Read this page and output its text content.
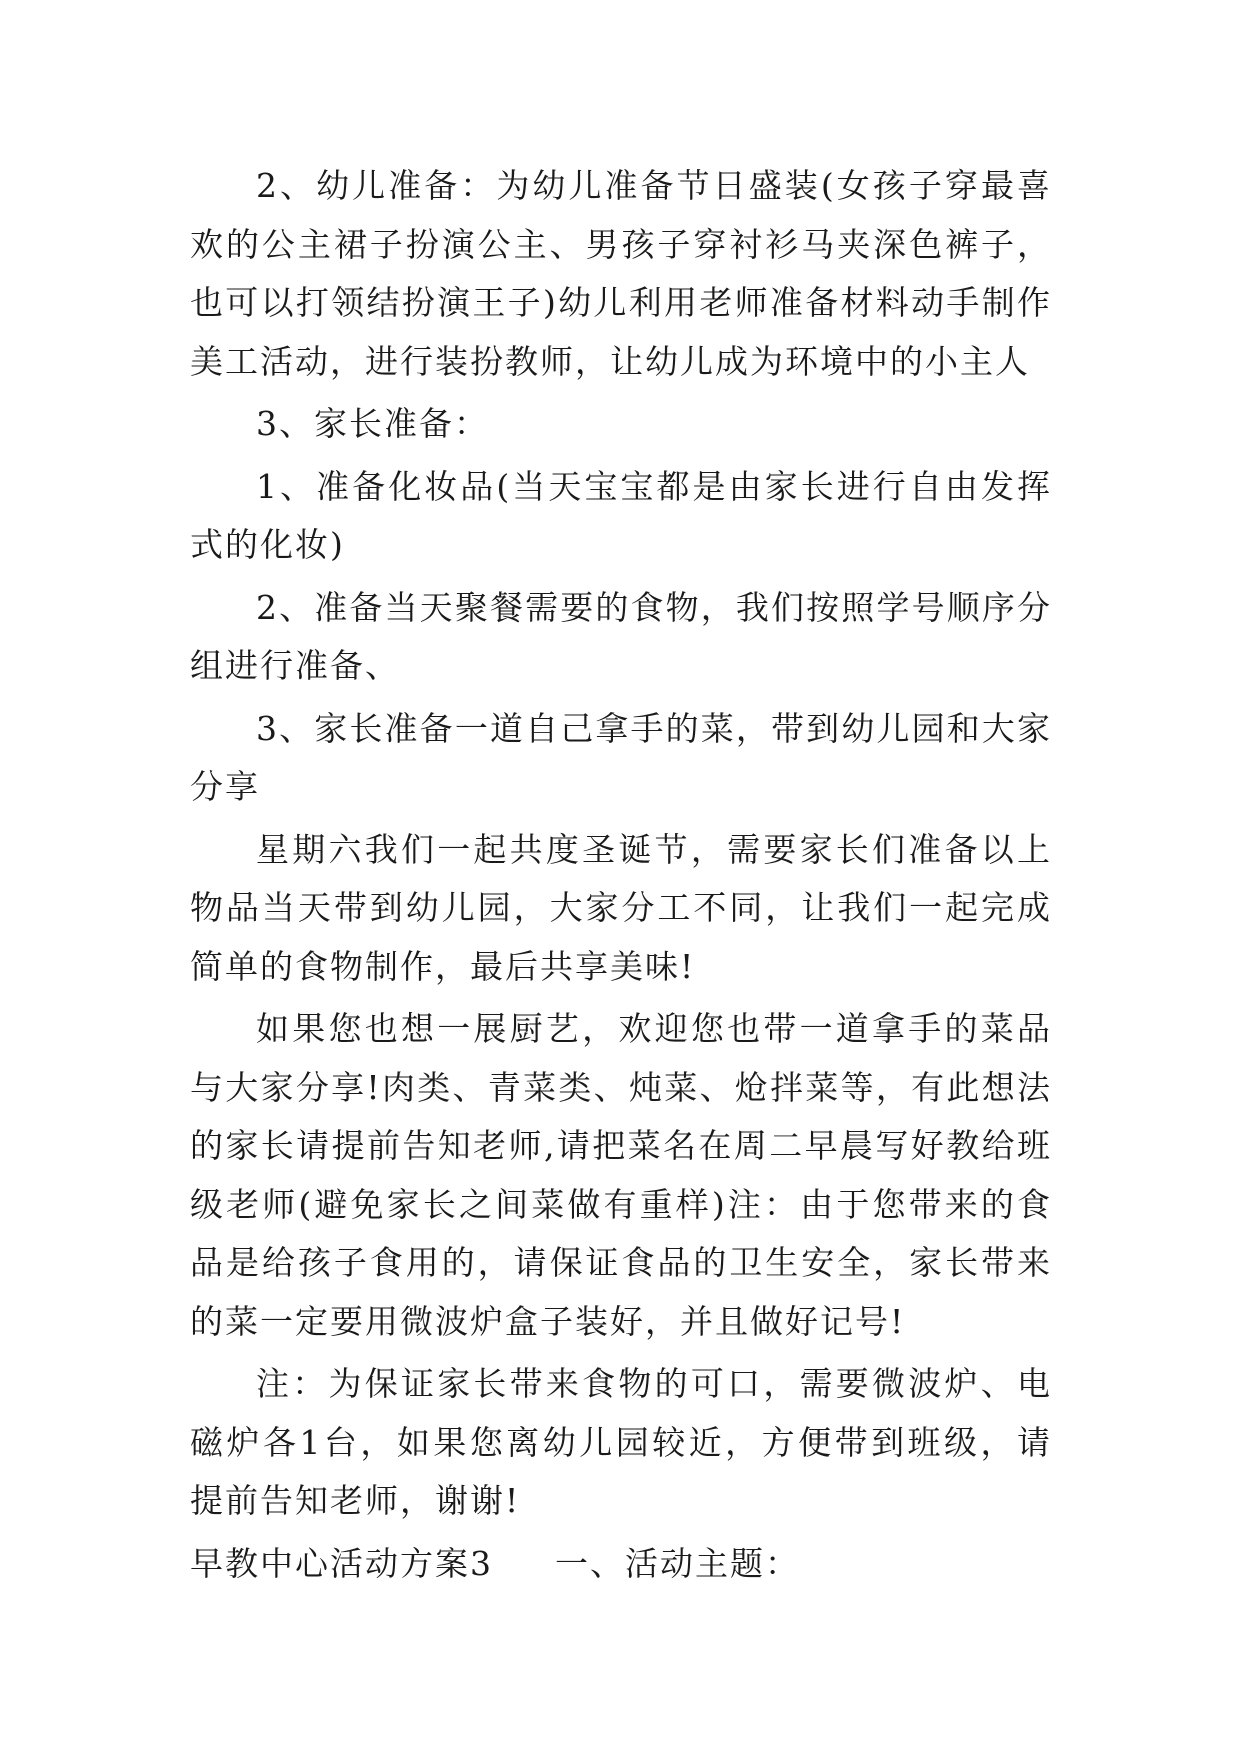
2、幼儿准备：为幼儿准备节日盛装(女孩子穿最喜欢的公主裙子扮演公主、男孩子穿衬衫马夹深色裤子，也可以打领结扮演王子)幼儿利用老师准备材料动手制作美工活动，进行装扮教师，让幼儿成为环境中的小主人

3、家长准备：

1、准备化妆品(当天宝宝都是由家长进行自由发挥式的化妆)

2、准备当天聚餐需要的食物，我们按照学号顺序分组进行准备、

3、家长准备一道自己拿手的菜，带到幼儿园和大家分享

星期六我们一起共度圣诞节，需要家长们准备以上物品当天带到幼儿园，大家分工不同，让我们一起完成简单的食物制作，最后共享美味!

如果您也想一展厨艺，欢迎您也带一道拿手的菜品与大家分享!肉类、青菜类、炖菜、炝拌菜等，有此想法的家长请提前告知老师,请把菜名在周二早晨写好教给班级老师(避免家长之间菜做有重样)注：由于您带来的食品是给孩子食用的，请保证食品的卫生安全，家长带来的菜一定要用微波炉盒子装好，并且做好记号!

注：为保证家长带来食物的可口，需要微波炉、电磁炉各1台，如果您离幼儿园较近，方便带到班级，请提前告知老师，谢谢!

早教中心活动方案3 一、活动主题：
